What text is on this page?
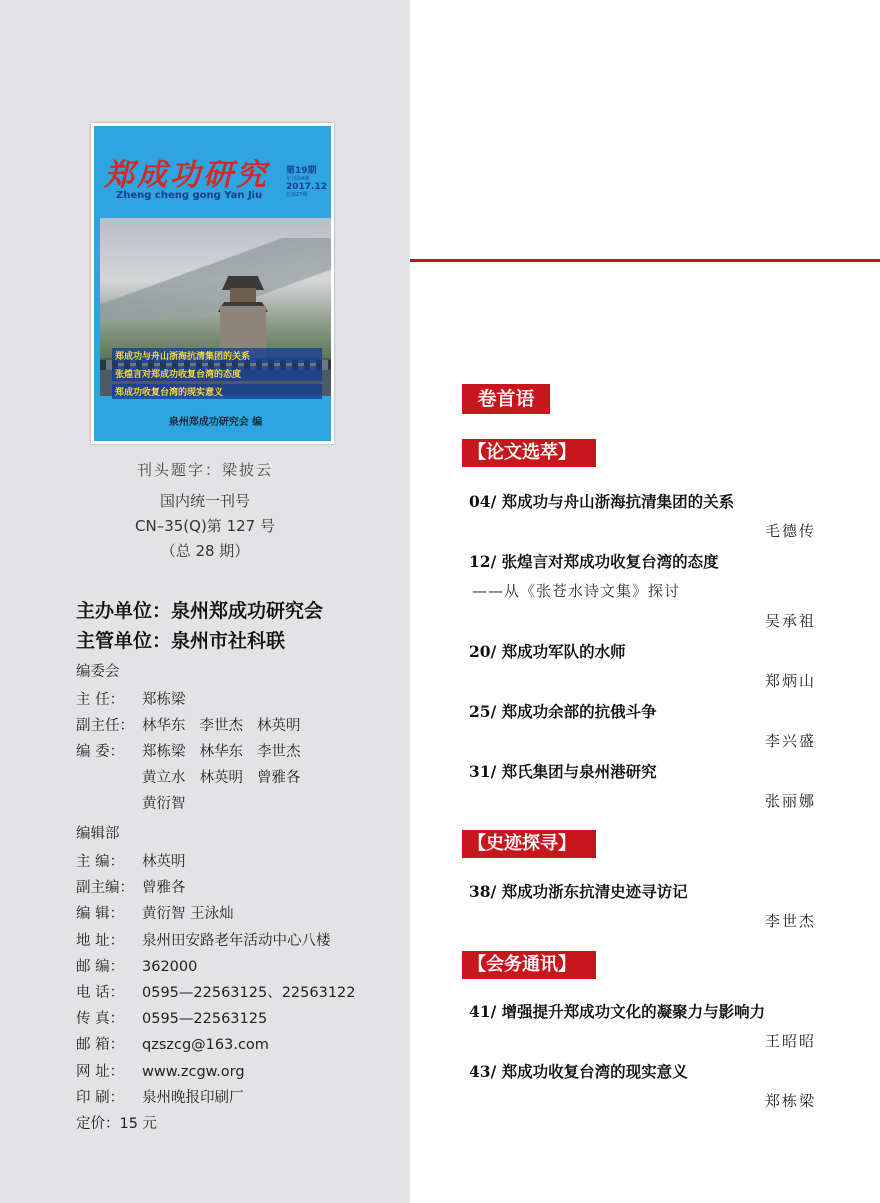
郑成功研究
Zheng cheng gong Yan Jiu
第19期
年刊第4期
2017.12
总第27期
郑成功与舟山浙海抗清集团的关系
张煌言对郑成功收复台湾的态度
郑成功收复台湾的现实意义
泉州郑成功研究会 编
刊头题字：梁披云
国内统一刊号
CN–35(Q)第 127 号
（总 28 期）
主办单位：泉州郑成功研究会
主管单位：泉州市社科联
编委会
主 任： 郑栋梁
副主任： 林华东 李世杰 林英明
编 委： 郑栋梁 林华东 李世杰
黄立水 林英明 曾雅各
黄衍智
编辑部
主 编： 林英明
副主编： 曾雅各
编 辑： 黄衍智 王泳灿
地 址： 泉州田安路老年活动中心八楼
邮 编： 362000
电 话： 0595—22563125、22563122
传 真： 0595—22563125
邮 箱： qzszcg@163.com
网 址： www.zcgw.org
印 刷： 泉州晚报印刷厂
定价：15 元
卷首语
【论文选萃】
【史迹探寻】
【会务通讯】
04/ 郑成功与舟山浙海抗清集团的关系
毛德传
12/ 张煌言对郑成功收复台湾的态度
——从《张苍水诗文集》探讨
吴承祖
20/ 郑成功军队的水师
郑炳山
25/ 郑成功余部的抗俄斗争
李兴盛
31/ 郑氏集团与泉州港研究
张丽娜
38/ 郑成功浙东抗清史迹寻访记
李世杰
41/ 增强提升郑成功文化的凝聚力与影响力
王昭昭
43/ 郑成功收复台湾的现实意义
郑栋梁
